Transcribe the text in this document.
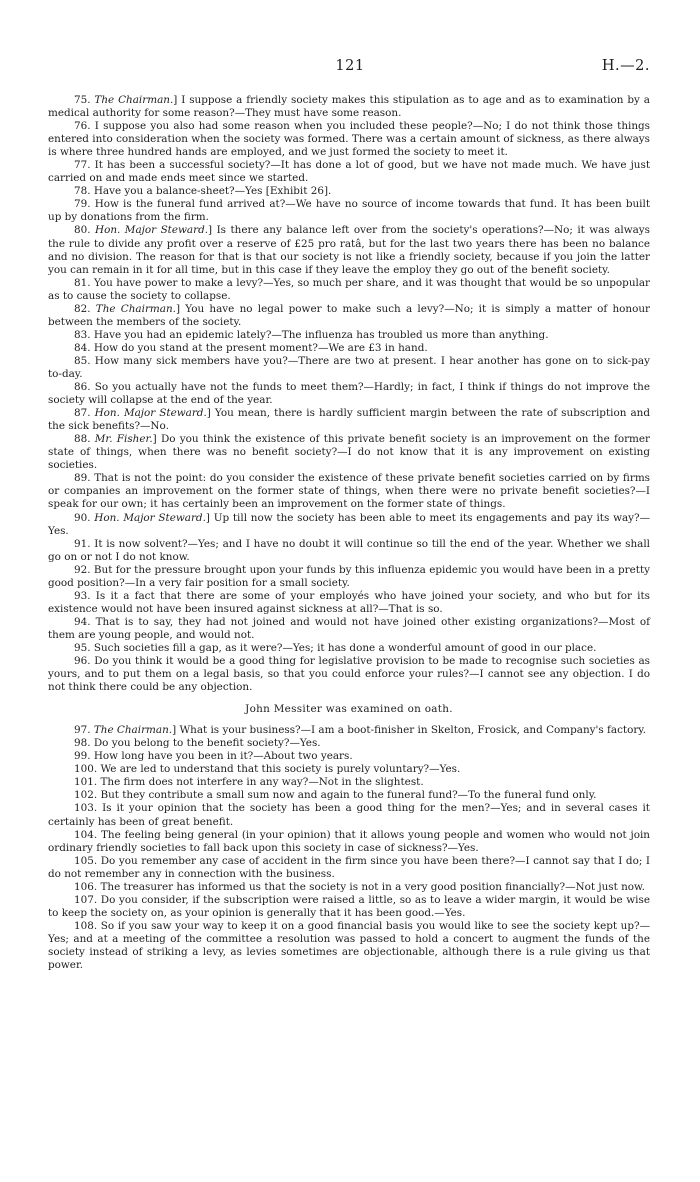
121	H.—2.

75. The Chairman.] I suppose a friendly society makes this stipulation as to age and as to examination by a medical authority for some reason?—They must have some reason.

76. I suppose you also had some reason when you included these people?—No; I do not think those things entered into consideration when the society was formed. There was a certain amount of sickness, as there always is where three hundred hands are employed, and we just formed the society to meet it.

77. It has been a successful society?—It has done a lot of good, but we have not made much. We have just carried on and made ends meet since we started.

78. Have you a balance-sheet?—Yes [Exhibit 26].

79. How is the funeral fund arrived at?—We have no source of income towards that fund. It has been built up by donations from the firm.

80. Hon. Major Steward.] Is there any balance left over from the society's operations?—No; it was always the rule to divide any profit over a reserve of £25 pro ratâ, but for the last two years there has been no balance and no division. The reason for that is that our society is not like a friendly society, because if you join the latter you can remain in it for all time, but in this case if they leave the employ they go out of the benefit society.

81. You have power to make a levy?—Yes, so much per share, and it was thought that would be so unpopular as to cause the society to collapse.

82. The Chairman.] You have no legal power to make such a levy?—No; it is simply a matter of honour between the members of the society.

83. Have you had an epidemic lately?—The influenza has troubled us more than anything.

84. How do you stand at the present moment?—We are £3 in hand.

85. How many sick members have you?—There are two at present. I hear another has gone on to sick-pay to-day.

86. So you actually have not the funds to meet them?—Hardly; in fact, I think if things do not improve the society will collapse at the end of the year.

87. Hon. Major Steward.] You mean, there is hardly sufficient margin between the rate of subscription and the sick benefits?—No.

88. Mr. Fisher.] Do you think the existence of this private benefit society is an improvement on the former state of things, when there was no benefit society?—I do not know that it is any improvement on existing societies.

89. That is not the point: do you consider the existence of these private benefit societies carried on by firms or companies an improvement on the former state of things, when there were no private benefit societies?—I speak for our own; it has certainly been an improvement on the former state of things.

90. Hon. Major Steward.] Up till now the society has been able to meet its engagements and pay its way?—Yes.

91. It is now solvent?—Yes; and I have no doubt it will continue so till the end of the year. Whether we shall go on or not I do not know.

92. But for the pressure brought upon your funds by this influenza epidemic you would have been in a pretty good position?—In a very fair position for a small society.

93. Is it a fact that there are some of your employés who have joined your society, and who but for its existence would not have been insured against sickness at all?—That is so.

94. That is to say, they had not joined and would not have joined other existing organizations?—Most of them are young people, and would not.

95. Such societies fill a gap, as it were?—Yes; it has done a wonderful amount of good in our place.

96. Do you think it would be a good thing for legislative provision to be made to recognise such societies as yours, and to put them on a legal basis, so that you could enforce your rules?—I cannot see any objection. I do not think there could be any objection.

John Messiter was examined on oath.

97. The Chairman.] What is your business?—I am a boot-finisher in Skelton, Frosick, and Company's factory.

98. Do you belong to the benefit society?—Yes.

99. How long have you been in it?—About two years.

100. We are led to understand that this society is purely voluntary?—Yes.

101. The firm does not interfere in any way?—Not in the slightest.

102. But they contribute a small sum now and again to the funeral fund?—To the funeral fund only.

103. Is it your opinion that the society has been a good thing for the men?—Yes; and in several cases it certainly has been of great benefit.

104. The feeling being general (in your opinion) that it allows young people and women who would not join ordinary friendly societies to fall back upon this society in case of sickness?—Yes.

105. Do you remember any case of accident in the firm since you have been there?—I cannot say that I do; I do not remember any in connection with the business.

106. The treasurer has informed us that the society is not in a very good position financially?—Not just now.

107. Do you consider, if the subscription were raised a little, so as to leave a wider margin, it would be wise to keep the society on, as your opinion is generally that it has been good.—Yes.

108. So if you saw your way to keep it on a good financial basis you would like to see the society kept up?—Yes; and at a meeting of the committee a resolution was passed to hold a concert to augment the funds of the society instead of striking a levy, as levies sometimes are objectionable, although there is a rule giving us that power.
